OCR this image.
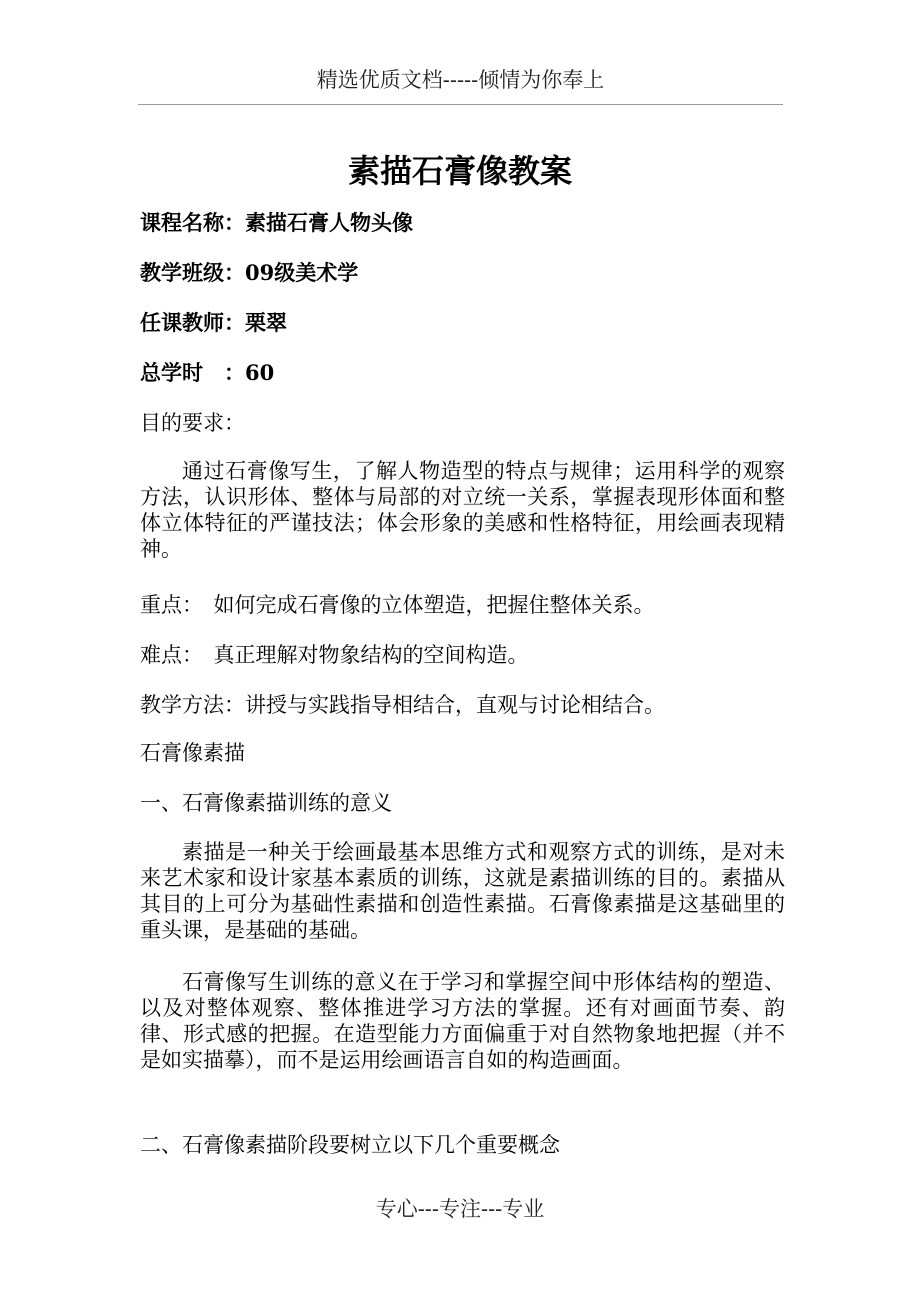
精选优质文档-----倾情为你奉上
素描石膏像教案
课程名称：素描石膏人物头像
教学班级：09级美术学
任课教师：栗翠
总学时　：60
目的要求：
通过石膏像写生，了解人物造型的特点与规律；运用科学的观察方法，认识形体、整体与局部的对立统一关系，掌握表现形体面和整体立体特征的严谨技法；体会形象的美感和性格特征，用绘画表现精神。
重点：　如何完成石膏像的立体塑造，把握住整体关系。
难点：　真正理解对物象结构的空间构造。
教学方法：讲授与实践指导相结合，直观与讨论相结合。
石膏像素描
一、石膏像素描训练的意义
素描是一种关于绘画最基本思维方式和观察方式的训练，是对未来艺术家和设计家基本素质的训练，这就是素描训练的目的。素描从其目的上可分为基础性素描和创造性素描。石膏像素描是这基础里的重头课，是基础的基础。
石膏像写生训练的意义在于学习和掌握空间中形体结构的塑造、以及对整体观察、整体推进学习方法的掌握。还有对画面节奏、韵律、形式感的把握。在造型能力方面偏重于对自然物象地把握（并不是如实描摹），而不是运用绘画语言自如的构造画面。
二、石膏像素描阶段要树立以下几个重要概念
专心---专注---专业
